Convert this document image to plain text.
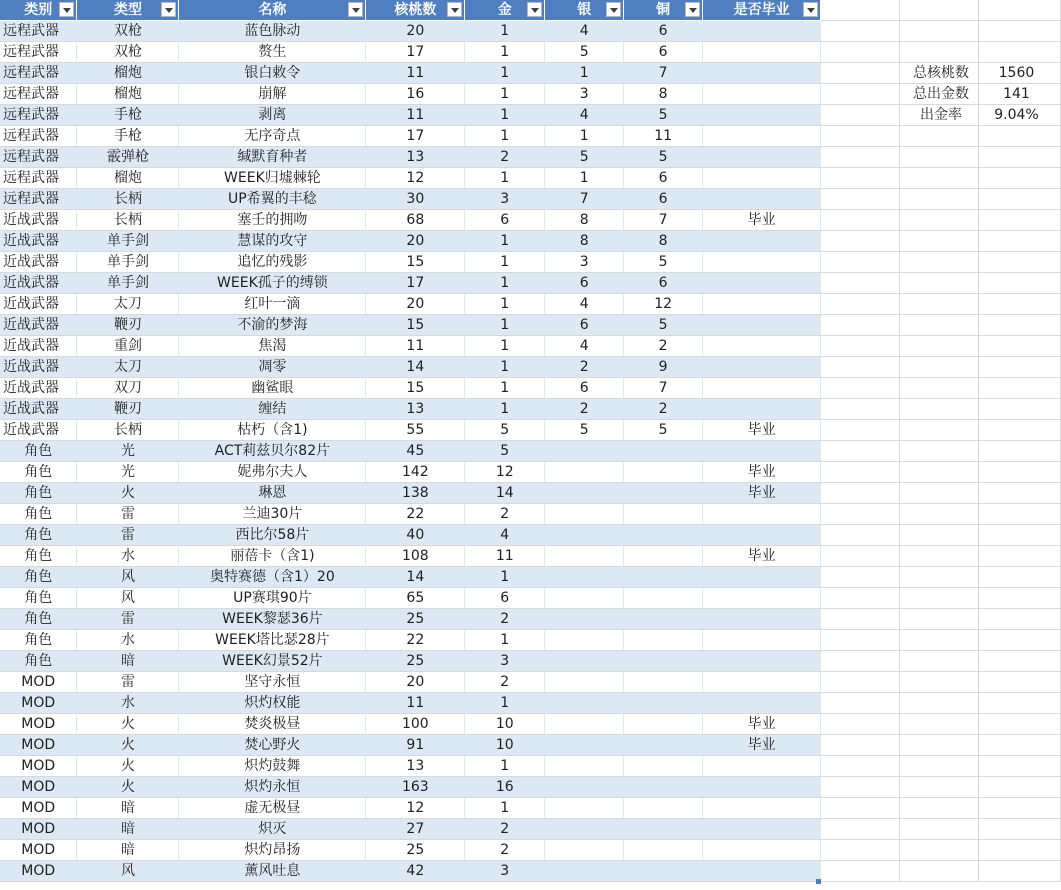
类别	类型	名称	核桃数	金	银	铜	是否毕业

远程武器	双枪	蓝色脉动	20	1	4	6				
远程武器	双枪	赘生	17	1	5	6				
远程武器	榴炮	银白敕令	11	1	1	7			总核桃数	1560
远程武器	榴炮	崩解	16	1	3	8			总出金数	141
远程武器	手枪	剥离	11	1	4	5			出金率	9.04%
远程武器	手枪	无序奇点	17	1	1	11				
远程武器	霰弹枪	缄默育种者	13	2	5	5				
远程武器	榴炮	WEEK归墟棘轮	12	1	1	6				
远程武器	长柄	UP希翼的丰稔	30	3	7	6				
近战武器	长柄	塞壬的拥吻	68	6	8	7	毕业			
近战武器	单手剑	慧谋的攻守	20	1	8	8				
近战武器	单手剑	追忆的残影	15	1	3	5				
近战武器	单手剑	WEEK孤子的缚锁	17	1	6	6				
近战武器	太刀	红叶一滴	20	1	4	12				
近战武器	鞭刃	不渝的梦海	15	1	6	5				
近战武器	重剑	焦渴	11	1	4	2				
近战武器	太刀	凋零	14	1	2	9				
近战武器	双刀	幽鲨眼	15	1	6	7				
近战武器	鞭刃	缠结	13	1	2	2				
近战武器	长柄	枯朽（含1)	55	5	5	5	毕业			
角色	光	ACT莉兹贝尔82片	45	5						
角色	光	妮弗尔夫人	142	12			毕业			
角色	火	琳恩	138	14			毕业			
角色	雷	兰迪30片	22	2						
角色	雷	西比尔58片	40	4						
角色	水	丽蓓卡（含1)	108	11			毕业			
角色	风	奥特赛德（含1）20	14	1						
角色	风	UP赛琪90片	65	6						
角色	雷	WEEK黎瑟36片	25	2						
角色	水	WEEK塔比瑟28片	22	1						
角色	暗	WEEK幻景52片	25	3						
MOD	雷	坚守永恒	20	2						
MOD	水	炽灼权能	11	1						
MOD	火	焚炎极昼	100	10			毕业			
MOD	火	焚心野火	91	10			毕业			
MOD	火	炽灼鼓舞	13	1						
MOD	火	炽灼永恒	163	16						
MOD	暗	虚无极昼	12	1						
MOD	暗	炽灭	27	2						
MOD	暗	炽灼昂扬	25	2						
MOD	风	薰风吐息	42	3						
